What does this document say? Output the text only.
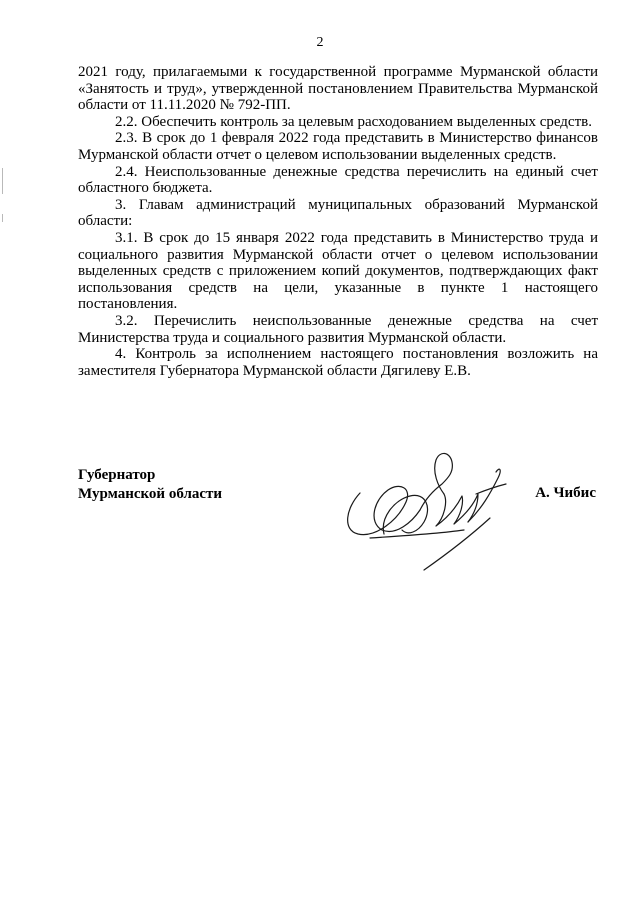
2

2021 году, прилагаемыми к государственной программе Мурманской области «Занятость и труд», утвержденной постановлением Правительства Мурманской области от 11.11.2020 № 792-ПП.

2.2. Обеспечить контроль за целевым расходованием выделенных средств.

2.3. В срок до 1 февраля 2022 года представить в Министерство финансов Мурманской области отчет о целевом использовании выделенных средств.

2.4. Неиспользованные денежные средства перечислить на единый счет областного бюджета.

3. Главам администраций муниципальных образований Мурманской области:

3.1. В срок до 15 января 2022 года представить в Министерство труда и социального развития Мурманской области отчет о целевом использовании выделенных средств с приложением копий документов, подтверждающих факт использования средств на цели, указанные в пункте 1 настоящего постановления.

3.2. Перечислить неиспользованные денежные средства на счет Министерства труда и социального развития Мурманской области.

4. Контроль за исполнением настоящего постановления возложить на заместителя Губернатора Мурманской области Дягилеву Е.В.

Губернатор
Мурманской области	А. Чибис
